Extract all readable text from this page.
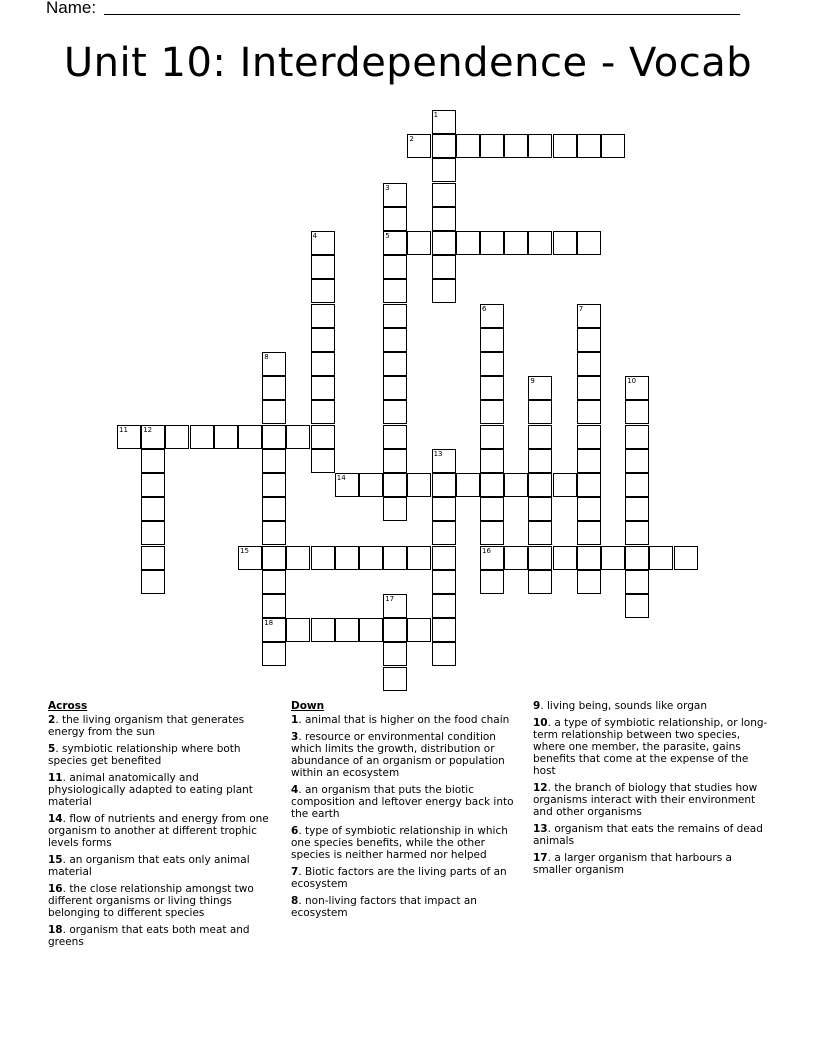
Name:
Unit 10: Interdependence - Vocab
1
2
3
5
4
6
16
7
8
18
9	10
11 12
13
14
15
17
Across
2. the living organism that generates energy from the sun
5. symbiotic relationship where both species get benefited
11. animal anatomically and physiologically adapted to eating plant material
14. flow of nutrients and energy from one organism to another at different trophic levels forms
15. an organism that eats only animal material
16. the close relationship amongst two different organisms or living things belonging to different species
18. organism that eats both meat and greens
Down
1. animal that is higher on the food chain
3. resource or environmental condition which limits the growth, distribution or abundance of an organism or population within an ecosystem
4. an organism that puts the biotic composition and leftover energy back into the earth
6. type of symbiotic relationship in which one species benefits, while the other species is neither harmed nor helped
7. Biotic factors are the living parts of an ecosystem
8. non-living factors that impact an ecosystem
9. living being, sounds like organ
10. a type of symbiotic relationship, or long-term relationship between two species, where one member, the parasite, gains benefits that come at the expense of the host
12. the branch of biology that studies how organisms interact with their environment and other organisms
13. organism that eats the remains of dead animals
17. a larger organism that harbours a smaller organism
